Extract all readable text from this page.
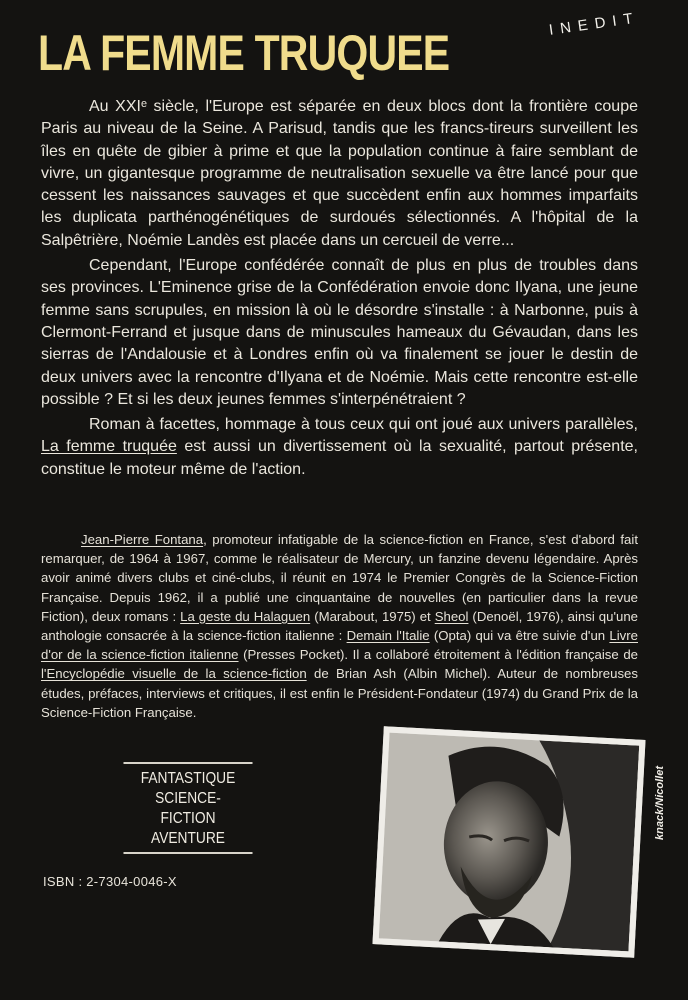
LA FEMME TRUQUEE
INEDIT

Au XXIᵉ siècle, l'Europe est séparée en deux blocs dont la frontière coupe Paris au niveau de la Seine. A Parisud, tandis que les francs-tireurs surveillent les îles en quête de gibier à prime et que la population continue à faire semblant de vivre, un gigantesque programme de neutralisation sexuelle va être lancé pour que cessent les naissances sauvages et que succèdent enfin aux hommes imparfaits les duplicata parthénogénétiques de surdoués sélectionnés. A l'hôpital de la Salpêtrière, Noémie Landès est placée dans un cercueil de verre...

Cependant, l'Europe confédérée connaît de plus en plus de troubles dans ses provinces. L'Eminence grise de la Confédération envoie donc Ilyana, une jeune femme sans scrupules, en mission là où le désordre s'installe : à Narbonne, puis à Clermont-Ferrand et jusque dans de minuscules hameaux du Gévaudan, dans les sierras de l'Andalousie et à Londres enfin où va finalement se jouer le destin de deux univers avec la rencontre d'Ilyana et de Noémie. Mais cette rencontre est-elle possible ? Et si les deux jeunes femmes s'interpénétraient ?

Roman à facettes, hommage à tous ceux qui ont joué aux univers parallèles, La femme truquée est aussi un divertissement où la sexualité, partout présente, constitue le moteur même de l'action.

Jean-Pierre Fontana, promoteur infatigable de la science-fiction en France, s'est d'abord fait remarquer, de 1964 à 1967, comme le réalisateur de Mercury, un fanzine devenu légendaire. Après avoir animé divers clubs et ciné-clubs, il réunit en 1974 le Premier Congrès de la Science-Fiction Française. Depuis 1962, il a publié une cinquantaine de nouvelles (en particulier dans la revue Fiction), deux romans : La geste du Halaguen (Marabout, 1975) et Sheol (Denoël, 1976), ainsi qu'une anthologie consacrée à la science-fiction italienne : Demain l'Italie (Opta) qui va être suivie d'un Livre d'or de la science-fiction italienne (Presses Pocket). Il a collaboré étroitement à l'édition française de l'Encyclopédie visuelle de la science-fiction de Brian Ash (Albin Michel). Auteur de nombreuses études, préfaces, interviews et critiques, il est enfin le Président-Fondateur (1974) du Grand Prix de la Science-Fiction Française.

FANTASTIQUE
SCIENCE-FICTION
AVENTURE	knack/Nicollet
ISBN : 2-7304-0046-X
